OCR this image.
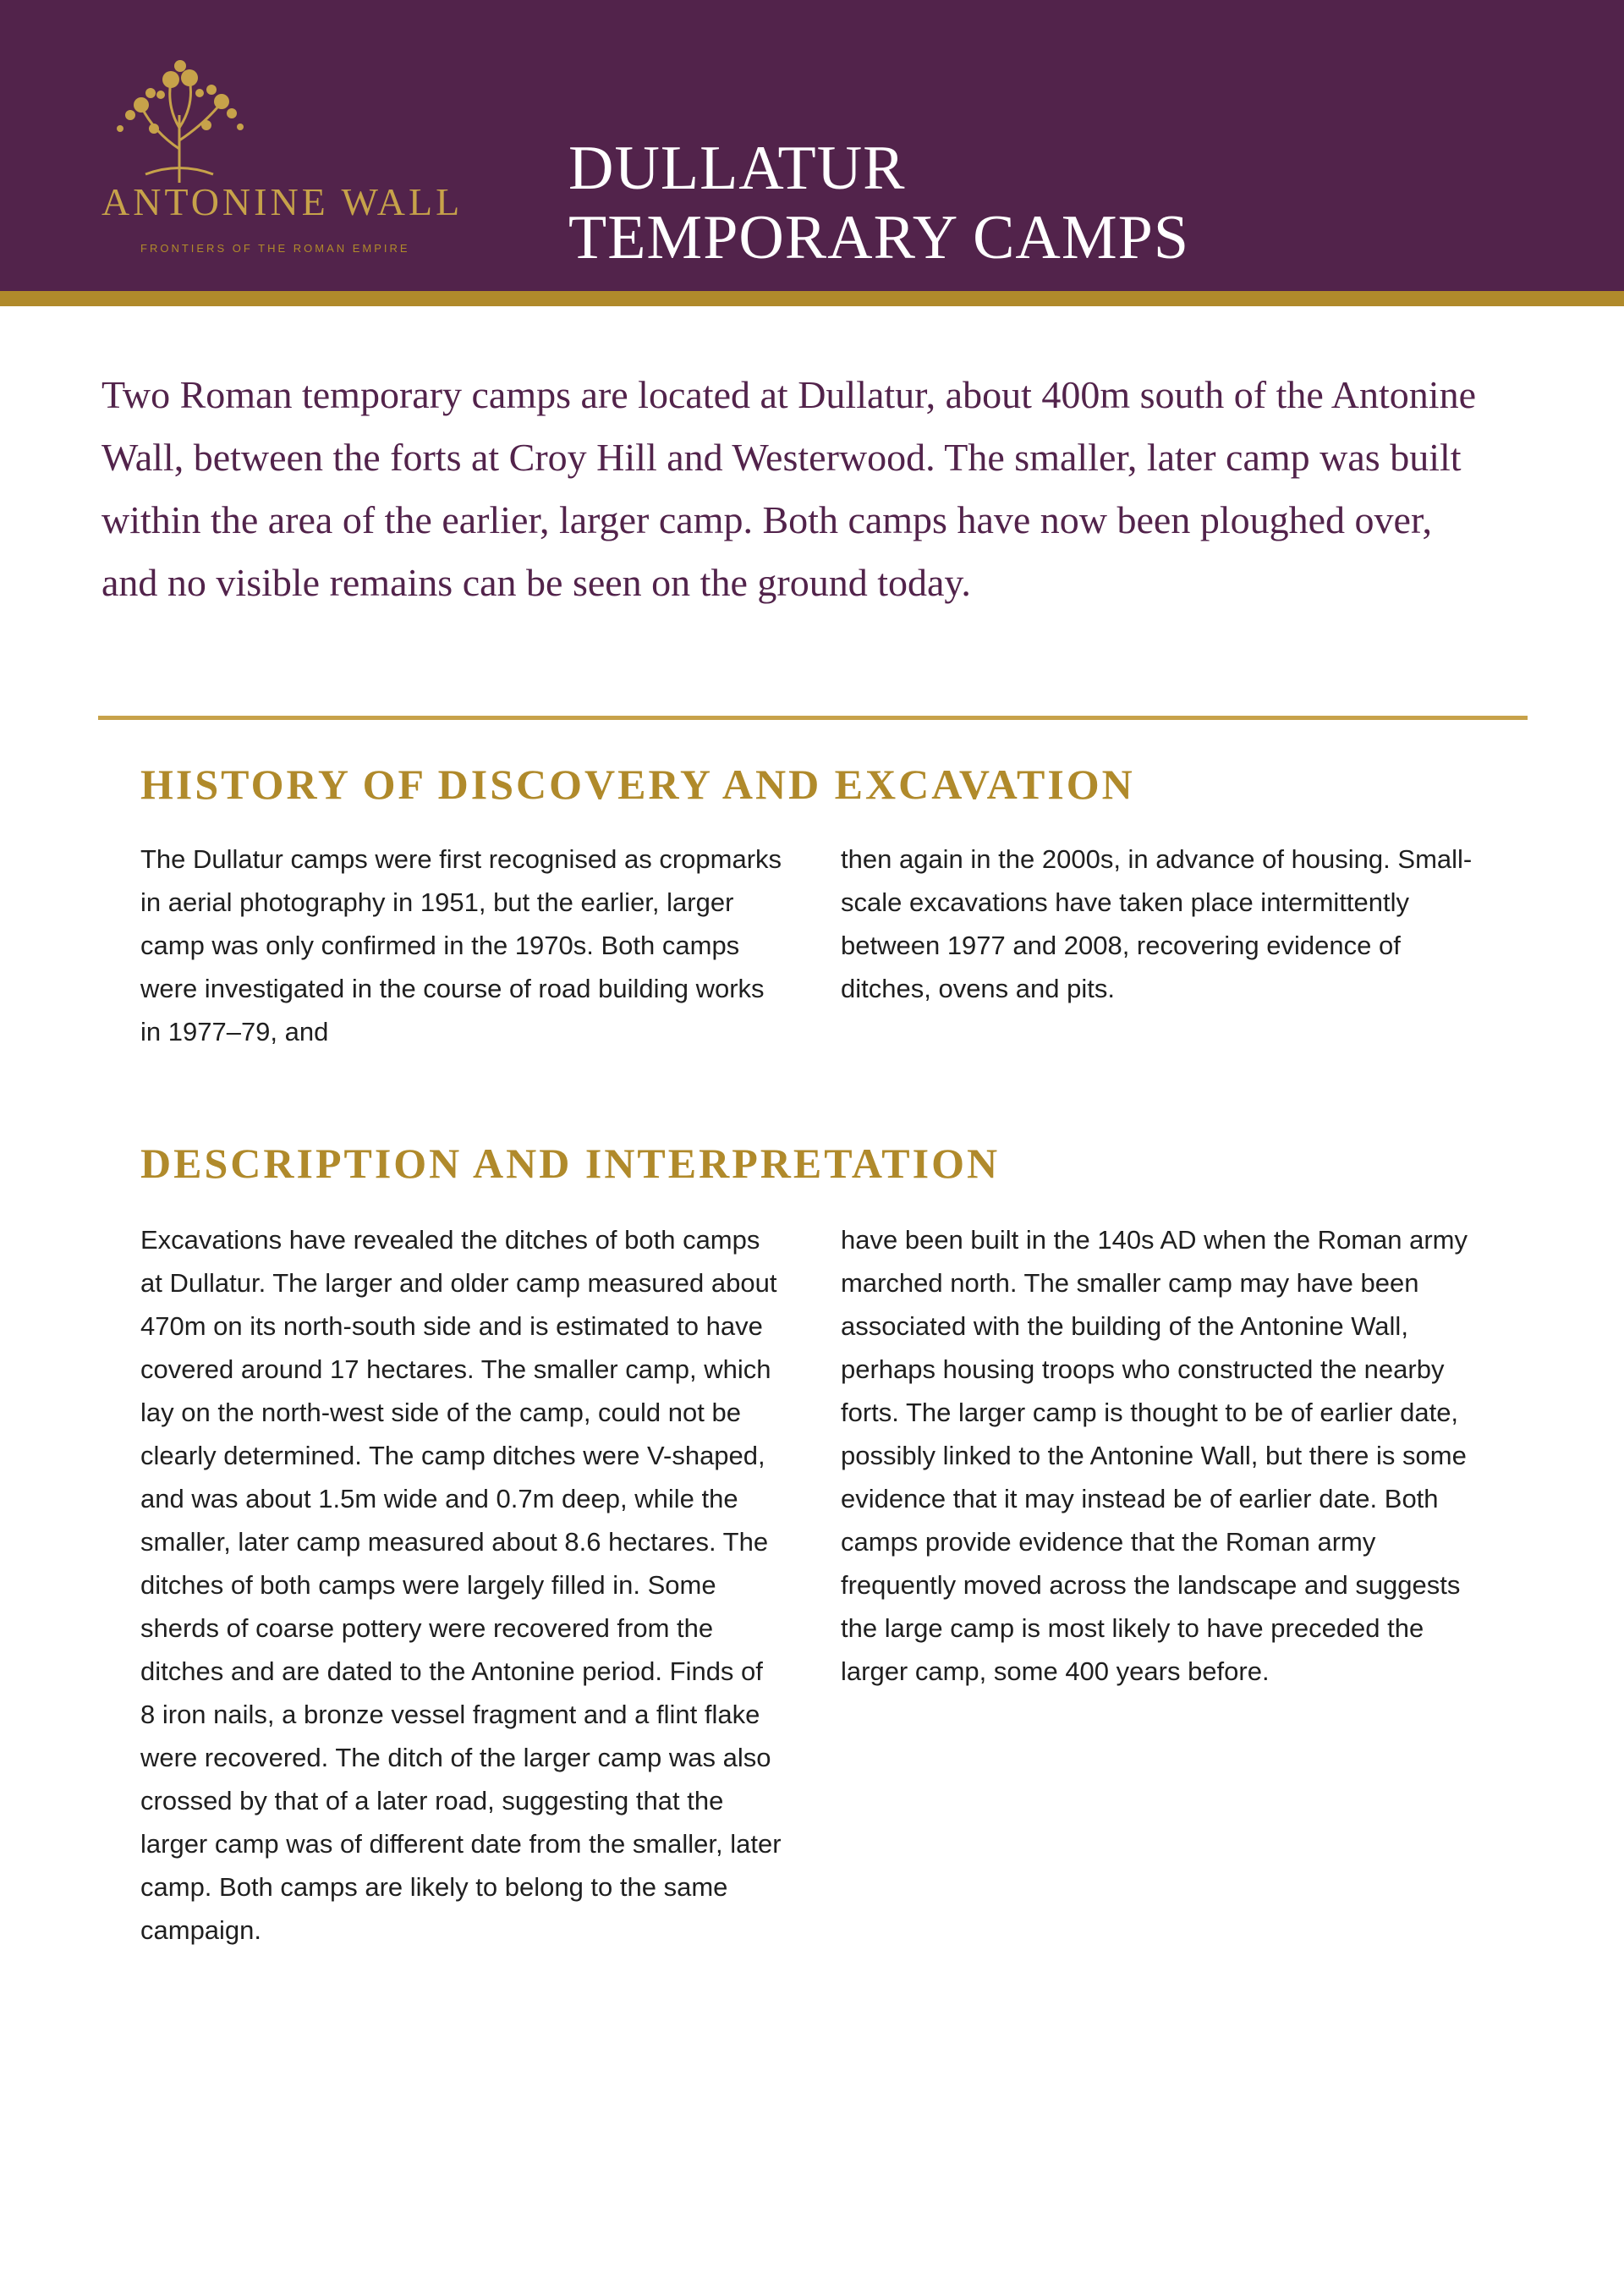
ANTONINE WALL
FRONTIERS OF THE ROMAN EMPIRE
DULLATUR
TEMPORARY CAMPS

Two Roman temporary camps are located at Dullatur, about 400m south of the Antonine Wall, between the forts at Croy Hill and Westerwood. The smaller, later camp was built within the area of the earlier, larger camp. Both camps have now been ploughed over, and no visible remains can be seen on the ground today.

HISTORY OF DISCOVERY AND EXCAVATION

The Dullatur camps were first recognised as cropmarks in aerial photography in 1951, but the earlier, larger camp was only confirmed in the 1970s. Both camps were investigated in the course of road building works in 1977–79, and

then again in the 2000s, in advance of housing. Small-scale excavations have taken place intermittently between 1977 and 2008, recovering evidence of ditches, ovens and pits.

DESCRIPTION AND INTERPRETATION

Excavations have revealed the ditches of both camps at Dullatur. The larger and older camp measured about 470m on its north-south side and is estimated to have covered around 17 hectares. The smaller camp, which lay on the north-west side of the camp, could not be clearly determined. The camp ditches were V-shaped, and was about 1.5m wide and 0.7m deep, while the smaller, later camp measured about 8.6 hectares. The ditches of both camps were largely filled in. Some sherds of coarse pottery were recovered from the ditches and are dated to the Antonine period. Finds of 8 iron nails, a bronze vessel fragment and a flint flake were recovered. The ditch of the larger camp was also crossed by that of a later road, suggesting that the larger camp was of different date from the smaller, later camp. Both camps are likely to belong to the same campaign.

have been built in the 140s AD when the Roman army marched north. The smaller camp may have been associated with the building of the Antonine Wall, perhaps housing troops who constructed the nearby forts. The larger camp is thought to be of earlier date, possibly linked to the Antonine Wall, but there is some evidence that it may instead be of earlier date. Both camps provide evidence that the Roman army frequently moved across the landscape and suggests the large camp is most likely to have preceded the larger camp, some 400 years before.
